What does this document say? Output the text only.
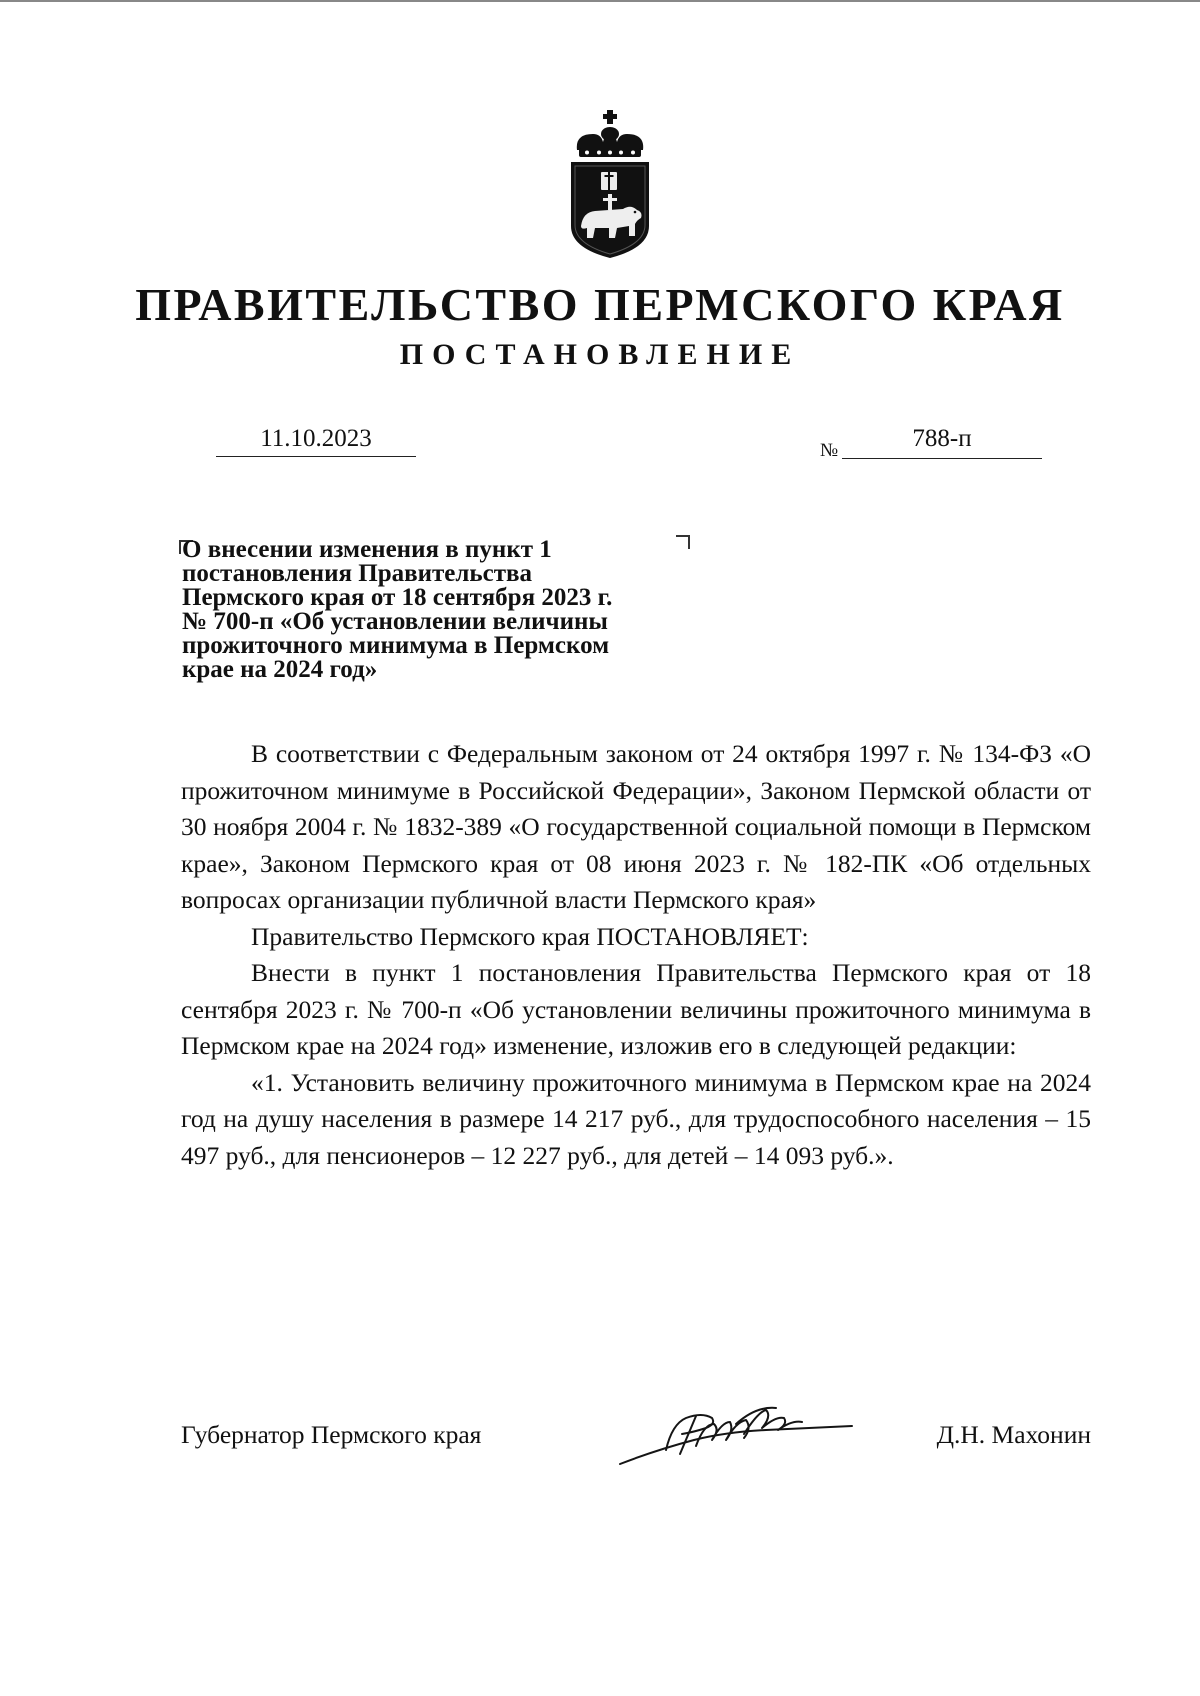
ПРАВИТЕЛЬСТВО ПЕРМСКОГО КРАЯ
ПОСТАНОВЛЕНИЕ
11.10.2023	№	788-п
О внесении изменения в пункт 1
постановления Правительства
Пермского края от 18 сентября 2023 г.
№ 700-п «Об установлении величины
прожиточного минимума в Пермском
крае на 2024 год»

В соответствии с Федеральным законом от 24 октября 1997 г. № 134-ФЗ «О прожиточном минимуме в Российской Федерации», Законом Пермской области от 30 ноября 2004 г. № 1832-389 «О государственной социальной помощи в Пермском крае», Законом Пермского края от 08 июня 2023 г. № 182-ПК «Об отдельных вопросах организации публичной власти Пермского края»

Правительство Пермского края ПОСТАНОВЛЯЕТ:

Внести в пункт 1 постановления Правительства Пермского края от 18 сентября 2023 г. № 700-п «Об установлении величины прожиточного минимума в Пермском крае на 2024 год» изменение, изложив его в следующей редакции:

«1. Установить величину прожиточного минимума в Пермском крае на 2024 год на душу населения в размере 14 217 руб., для трудоспособного населения – 15 497 руб., для пенсионеров – 12 227 руб., для детей – 14 093 руб.».

Губернатор Пермского края	Д.Н. Махонин
